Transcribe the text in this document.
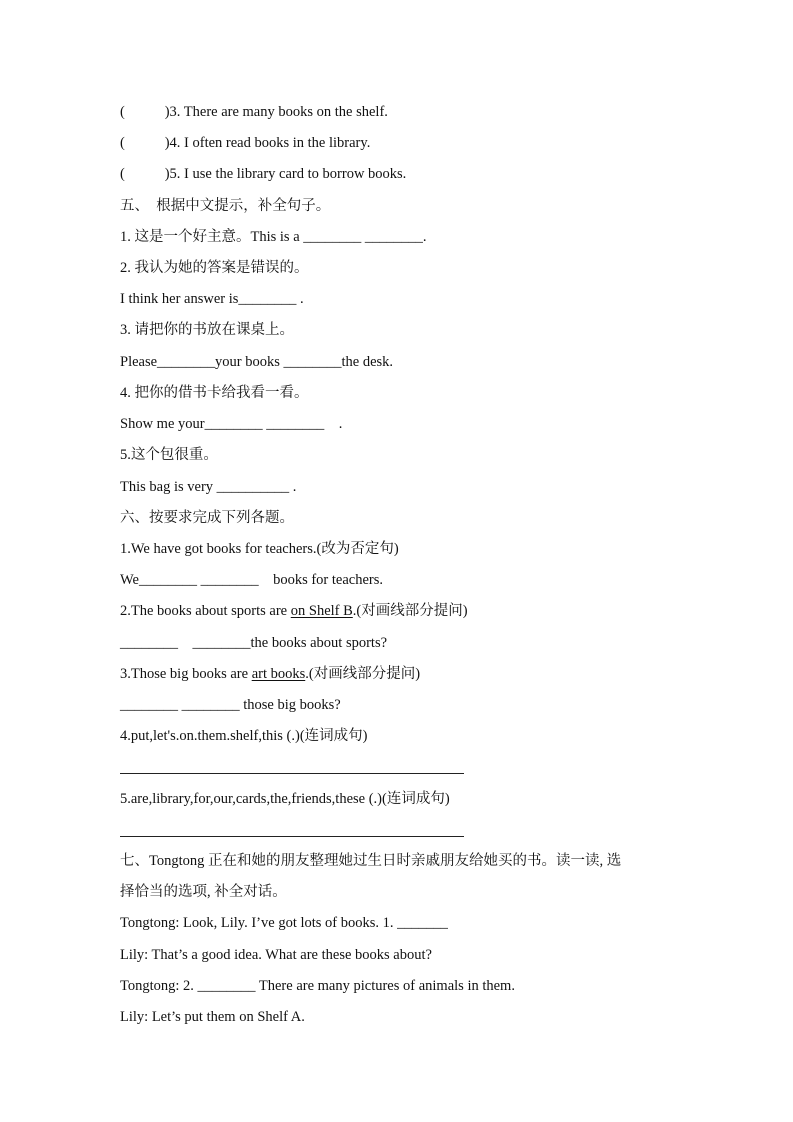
(           )3. There are many books on the shelf.
(           )4. I often read books in the library.
(           )5. I use the library card to borrow books.
五、  根据中文提示，补全句子。
1. 这是一个好主意。This is a ________ ________.
2. 我认为她的答案是错误的。
I think her answer is________ .
3. 请把你的书放在课桌上。
Please________your books ________the desk.
4. 把你的借书卡给我看一看。
Show me your________ ________    .
5.这个包很重。
This bag is very __________ .
六、按要求完成下列各题。
1.We have got books for teachers.(改为否定句)
We________ ________    books for teachers.
2.The books about sports are on Shelf B.(对画线部分提问)
________    ________the books about sports?
3.Those big books are art books.(对画线部分提问)
________ ________ those big books?
4.put,let's.on.them.shelf,this (.)(连词成句)
5.are,library,for,our,cards,the,friends,these (.)(连词成句)
七、Tongtong 正在和她的朋友整理她过生日时亲戚朋友给她买的书。读一读, 选
择恰当的选项, 补全对话。
Tongtong: Look, Lily. I’ve got lots of books. 1. _______
Lily: That’s a good idea. What are these books about?
Tongtong: 2. ________ There are many pictures of animals in them.
Lily: Let’s put them on Shelf A.
